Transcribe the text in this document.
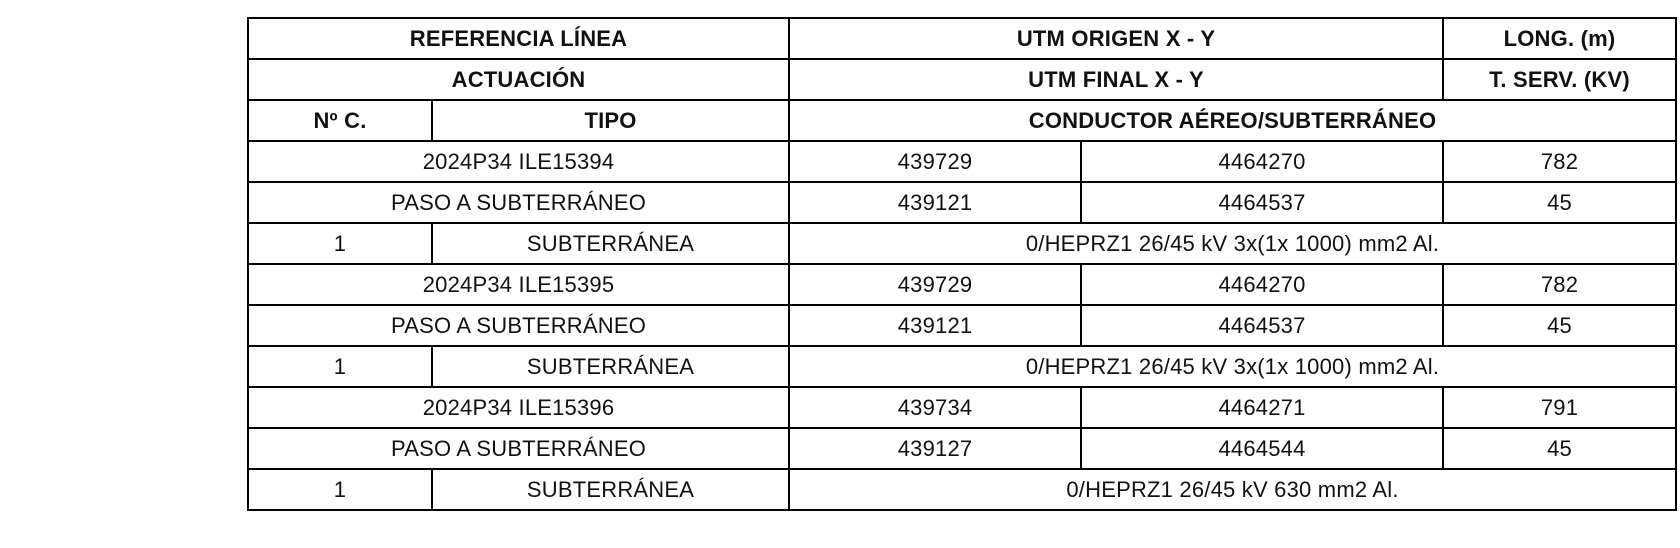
REFERENCIA LÍNEA		UTM ORIGEN X - Y		LONG. (m)
ACTUACIÓN		UTM FINAL X - Y		T. SERV. (KV)
Nº C.	TIPO	CONDUCTOR AÉREO/SUBTERRÁNEO		
2024P34 ILE15394		439729	4464270	782
PASO A SUBTERRÁNEO		439121	4464537	45
1	SUBTERRÁNEA	0/HEPRZ1 26/45 kV 3x(1x 1000) mm2 Al.		
2024P34 ILE15395		439729	4464270	782
PASO A SUBTERRÁNEO		439121	4464537	45
1	SUBTERRÁNEA	0/HEPRZ1 26/45 kV 3x(1x 1000) mm2 Al.		
2024P34 ILE15396		439734	4464271	791
PASO A SUBTERRÁNEO		439127	4464544	45
1	SUBTERRÁNEA	0/HEPRZ1 26/45 kV 630 mm2 Al.		
